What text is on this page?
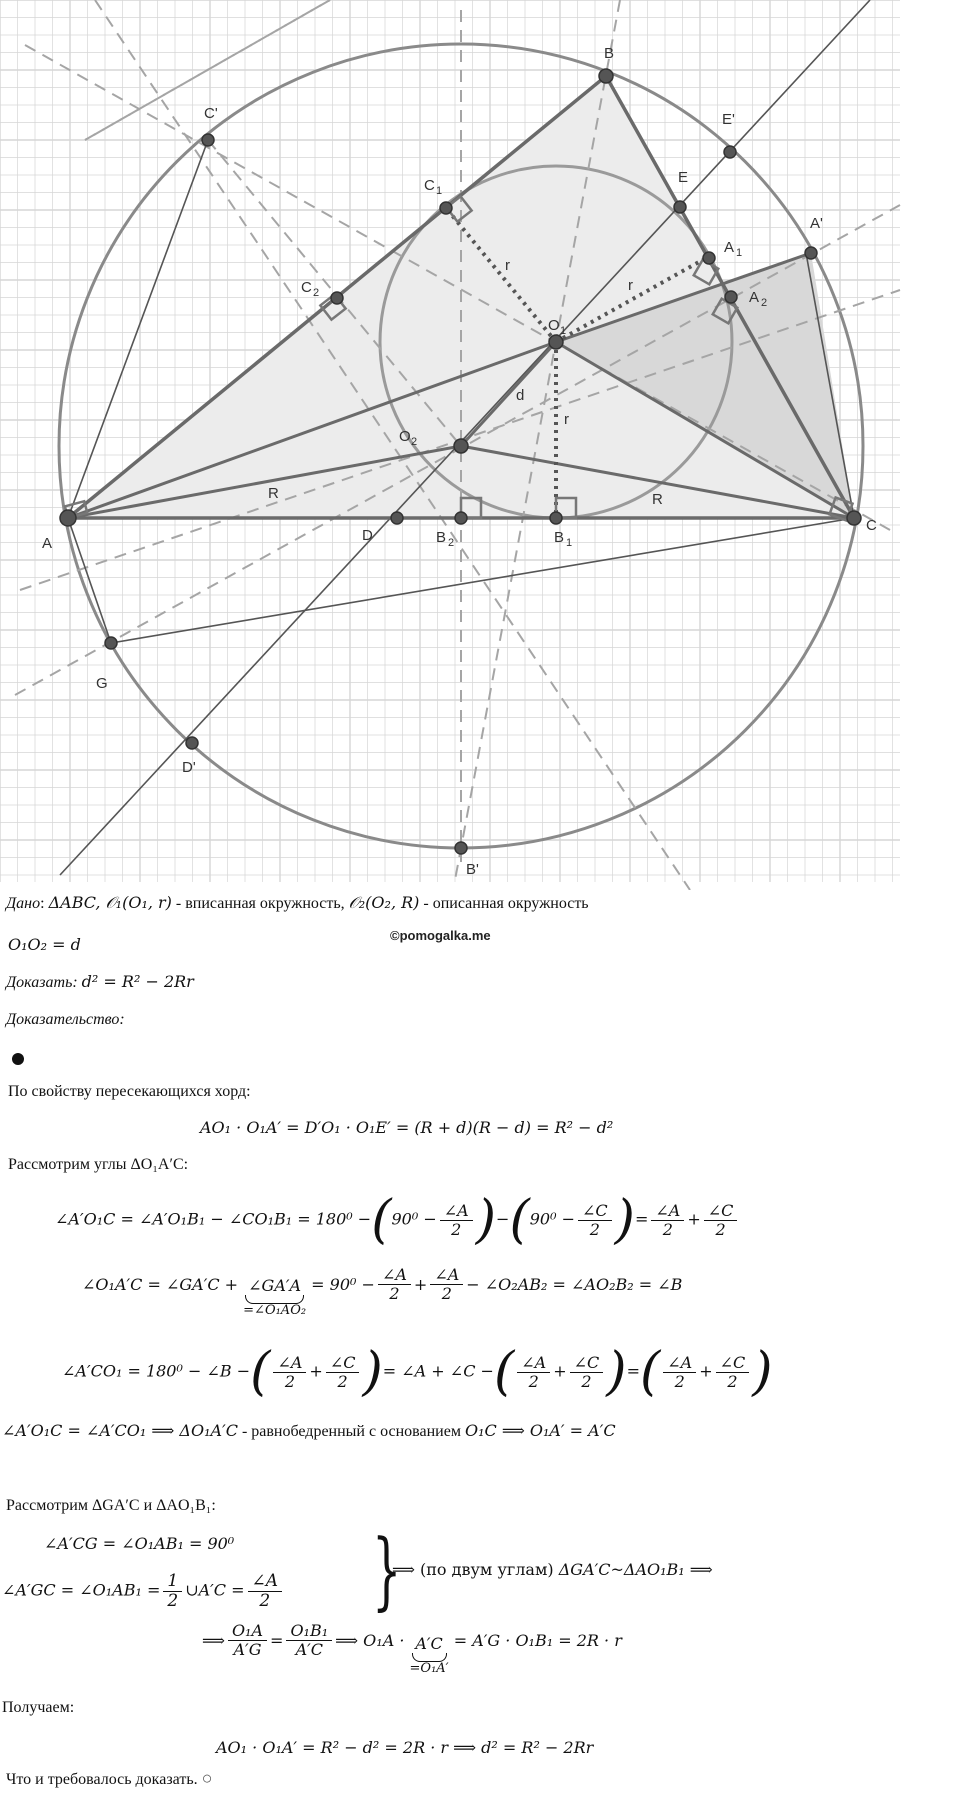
A
B
C
O 1
O 2
C 1
C 2
A 1
A 2
B 1
B 2
D
E
A'
B'
C'
D'
E'
G
r
r
r
R	R
d
©pomogalka.me
Дано: ΔABC, 𝒪₁(O₁, r) - вписанная окружность, 𝒪₂(O₂, R) - описанная окружность
O₁O₂ = d
Доказать: d² = R² − 2Rr
Доказательство:
По свойству пересекающихся хорд:
AO₁ · O₁A′ = D′O₁ · O₁E′ = (R + d)(R − d) = R² − d²
Рассмотрим углы ΔO₁A′C:
∠A′O₁C = ∠A′O₁B₁ − ∠CO₁B₁ = $180^0 -(90^0 - \frac{\angle A}{2} )-(90^0 - \frac{\angle C}{2}$ )= $\frac{\angle A}{2} + \frac{\angle C}{2}$
∠O₁A′C = ∠GA′C + ∠GA′A
=∠O₁AO₂
= $90^0 - \frac{\angle A}{2} + \frac{\angle A}{2}$ − ∠O₂AB₂ = ∠AO₂B₂ = ∠B
∠A′CO₁ = 180⁰ − ∠B −( $\frac{\angle A}{2} + \frac{\angle C}{2}$ )= ∠A + ∠C −( $\frac{\angle A}{2} + \frac{\angle C}{2}$ )=( $\frac{\angle A}{2} + \frac{\angle C}{2}$ )
∠A′O₁C = ∠A′CO₁ ⟹ ΔO₁A′C - равнобедренный с основанием O₁C ⟹ O₁A′ = A′C
Рассмотрим ΔGA′C и ΔAO₁B₁:
∠A′CG = ∠O₁AB₁ = 90⁰
∠A′GC = ∠O₁AB₁ = $\frac{1}{2}$ ∪A′C = $\frac{\angle A}{2}$ }
⟹ (по двум углам) ΔGA′C~ΔAO₁B₁ ⟹
⟹ $\frac{\text{O₁A}}{A'G} = \frac{\text{O₁B₁}}{A'C}$ ⟹ O₁A · A′C
=O₁A′
= A′G · O₁B₁ = 2R · r
Получаем:
AO₁ · O₁A′ = R² − d² = 2R · r ⟹ d² = R² − 2Rr
Что и требовалось доказать. ○
